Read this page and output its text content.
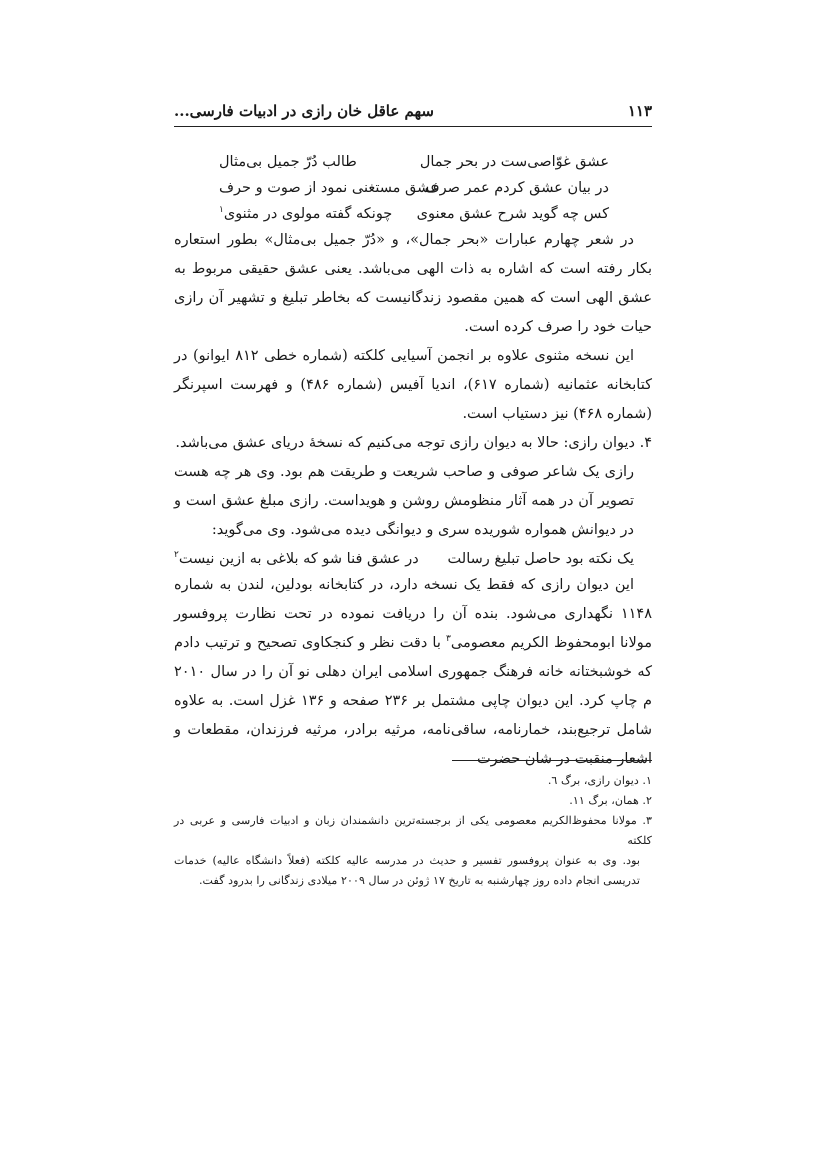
۱۱۳
سهم عاقل خان رازی در ادبیات فارسی...
عشق غوّاصی‌ست در بحر جمال
طالب دُرّ جمیل بی‌مثال
در بیان عشق کردم عمر صرف
عشق مستغنی نمود از صوت و حرف
کس چه گوید شرح عشق معنوی
چونکه گفته مولوی در مثنوی$^۱$

در شعر چهارم عبارات «بحر جمال»، و «دُرّ جمیل بی‌مثال» بطور استعاره بکار رفته است که اشاره به ذات الهی می‌باشد. یعنی عشق حقیقی مربوط به عشق الهی است که همین مقصود زندگانیست که بخاطر تبلیغ و تشهیر آن رازی حیات خود را صرف کرده است.

این نسخه مثنوی علاوه بر انجمن آسیایی کلکته (شماره خطی ۸۱۲ ایوانو) در کتابخانه عثمانیه (شماره ۶۱۷)، اندیا آفیس (شماره ۴۸۶) و فهرست اسپرنگر (شماره ۴۶۸) نیز دستیاب است.

۴. دیوان رازی: حالا به دیوان رازی توجه می‌کنیم که نسخهٔ دریای عشق می‌باشد.

رازی یک شاعر صوفی و صاحب شریعت و طریقت هم بود. وی هر چه هست تصویر آن در همه آثار منظومش روشن و هویداست. رازی مبلغ عشق است و در دیوانش همواره شوریده سری و دیوانگی دیده می‌شود. وی می‌گوید:

یک نکته بود حاصل تبلیغ رسالت
در عشق فنا شو که بلاغی به ازین نیست$^۲$

این دیوان رازی که فقط یک نسخه دارد، در کتابخانه بودلین، لندن به شماره ۱۱۴۸ نگهداری می‌شود. بنده آن را دریافت نموده در تحت نظارت پروفسور مولانا ابومحفوظ الکریم معصومی$^۳$ با دقت نظر و کنجکاوی تصحیح و ترتیب دادم که خوشبختانه خانه فرهنگ جمهوری اسلامی ایران دهلی نو آن را در سال ۲۰۱۰ م چاپ کرد. این دیوان چاپی مشتمل بر ۲۳۶ صفحه و ۱۳۶ غزل است. به علاوه شامل ترجیع‌بند، خمارنامه، ساقی‌نامه، مرثیه برادر، مرثیه فرزندان، مقطعات و اشعار منقبت در شان حضرت

۱. دیوان رازی، برگ ٦.

۲. همان، برگ ۱۱.

۳. مولانا محفوظ‌الکریم معصومی یکی از برجسته‌ترین دانشمندان زبان و ادبیات فارسی و عربی در کلکته

بود. وی به عنوان پروفسور تفسیر و حدیث در مدرسه عالیه کلکته (فعلاً دانشگاه عالیه) خدمات تدریسی انجام داده روز چهارشنبه به تاریخ ۱۷ ژوئن در سال ۲۰۰۹ میلادی زندگانی را بدرود گفت.
